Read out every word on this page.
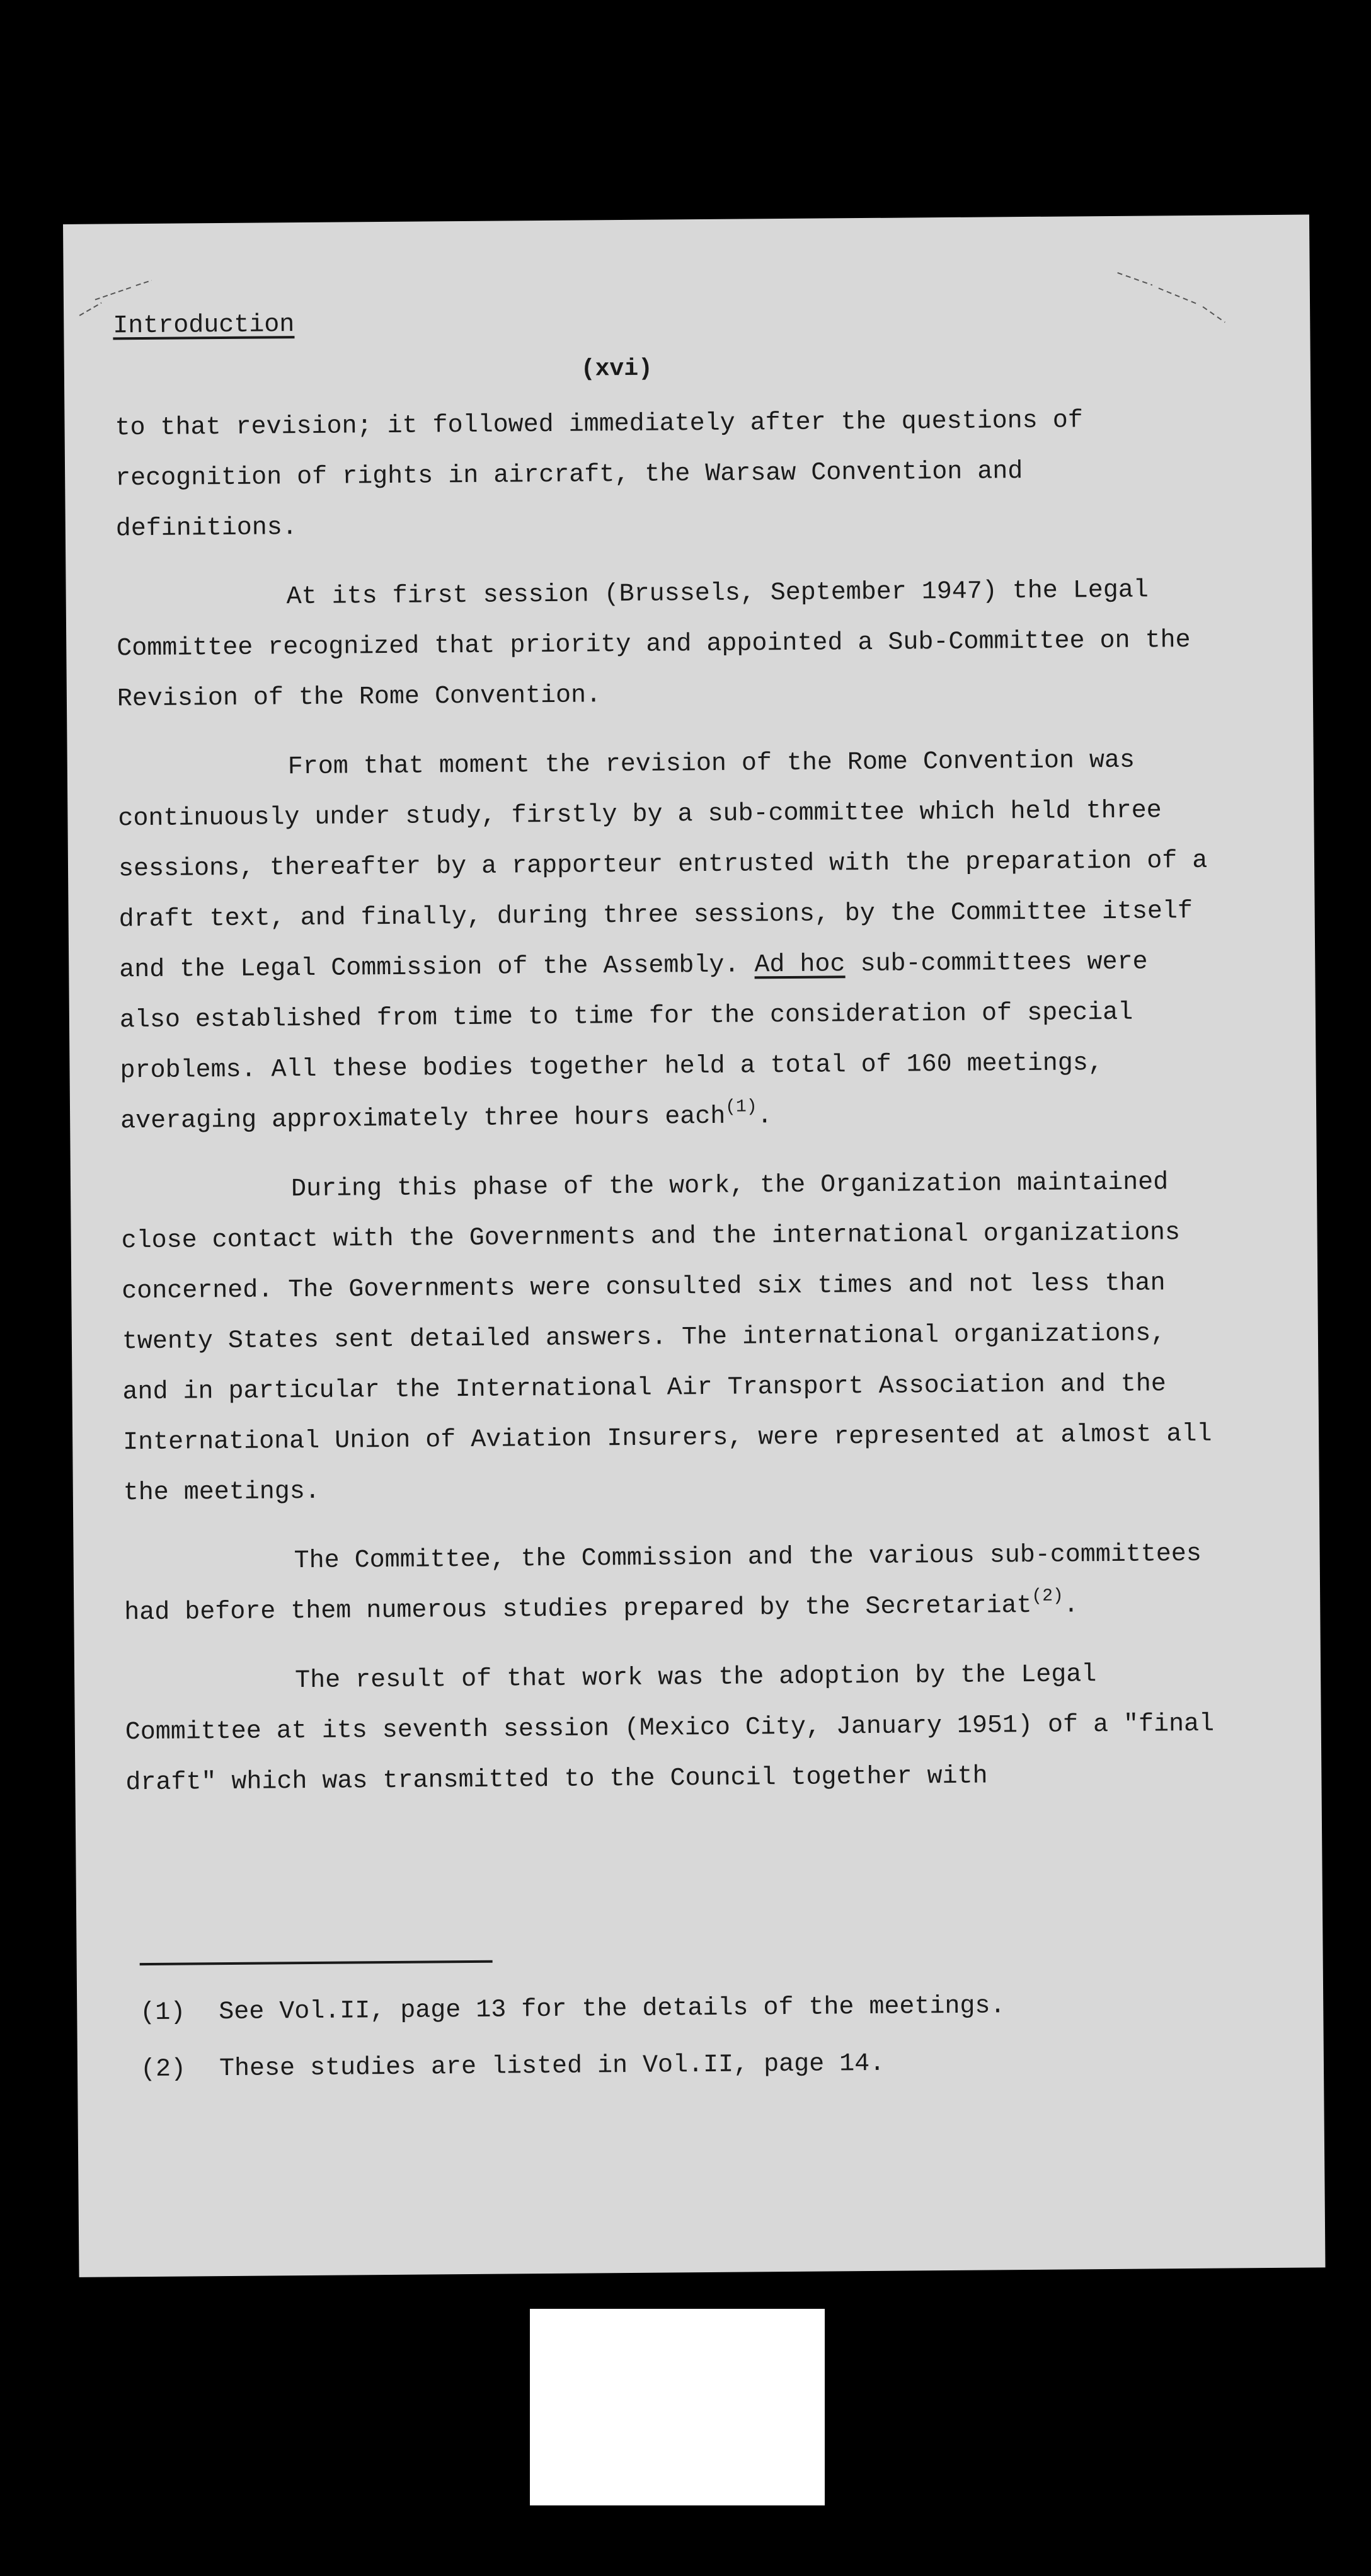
Introduction
(xvi)

to that revision; it followed immediately after the questions of recognition of rights in aircraft, the Warsaw Convention and definitions.

At its first session (Brussels, September 1947) the Legal Committee recognized that priority and appointed a Sub-Committee on the Revision of the Rome Convention.

From that moment the revision of the Rome Convention was continuously under study, firstly by a sub-committee which held three sessions, thereafter by a rapporteur entrusted with the preparation of a draft text, and finally, during three sessions, by the Committee itself and the Legal Commission of the Assembly. Ad hoc sub-committees were also established from time to time for the consideration of special problems. All these bodies together held a total of 160 meetings, averaging approximately three hours each$^{(1)}$.

During this phase of the work, the Organization maintained close contact with the Governments and the international organizations concerned. The Governments were consulted six times and not less than twenty States sent detailed answers. The international organizations, and in particular the International Air Transport Association and the International Union of Aviation Insurers, were represented at almost all the meetings.

The Committee, the Commission and the various sub-committees had before them numerous studies prepared by the Secretariat$^{(2)}$.

The result of that work was the adoption by the Legal Committee at its seventh session (Mexico City, January 1951) of a "final draft" which was transmitted to the Council together with

(1)	See Vol.II, page 13 for the details of the meetings.
(2)	These studies are listed in Vol.II, page 14.
